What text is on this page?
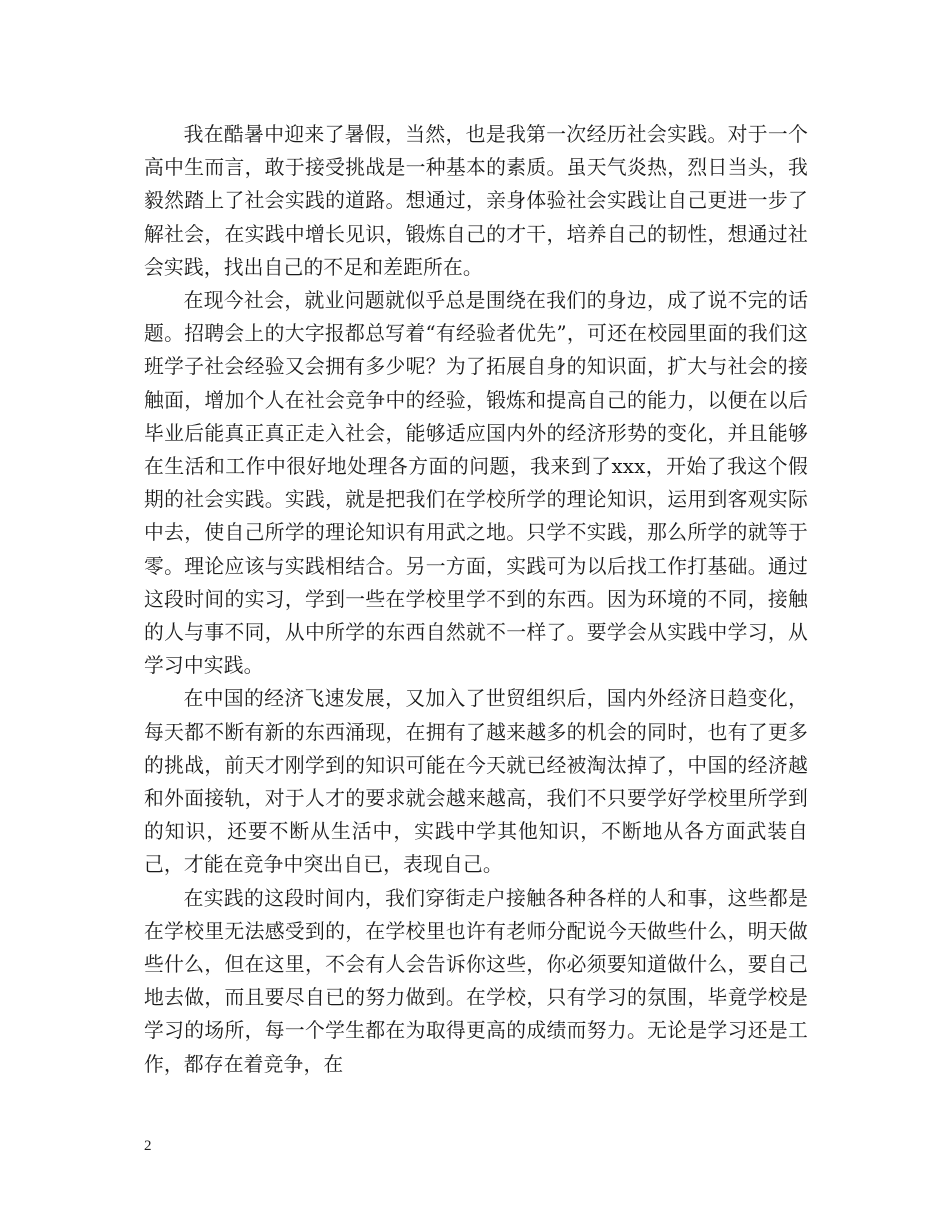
我在酷暑中迎来了暑假，当然，也是我第一次经历社会实践。对于一个高中生而言，敢于接受挑战是一种基本的素质。虽天气炎热，烈日当头，我毅然踏上了社会实践的道路。想通过，亲身体验社会实践让自己更进一步了解社会，在实践中增长见识，锻炼自己的才干，培养自己的韧性，想通过社会实践，找出自己的不足和差距所在。

在现今社会，就业问题就似乎总是围绕在我们的身边，成了说不完的话题。招聘会上的大字报都总写着“有经验者优先”，可还在校园里面的我们这班学子社会经验又会拥有多少呢？为了拓展自身的知识面，扩大与社会的接触面，增加个人在社会竞争中的经验，锻炼和提高自己的能力，以便在以后毕业后能真正真正走入社会，能够适应国内外的经济形势的变化，并且能够在生活和工作中很好地处理各方面的问题，我来到了xxx，开始了我这个假期的社会实践。实践，就是把我们在学校所学的理论知识，运用到客观实际中去，使自己所学的理论知识有用武之地。只学不实践，那么所学的就等于零。理论应该与实践相结合。另一方面，实践可为以后找工作打基础。通过这段时间的实习，学到一些在学校里学不到的东西。因为环境的不同，接触的人与事不同，从中所学的东西自然就不一样了。要学会从实践中学习，从学习中实践。

在中国的经济飞速发展，又加入了世贸组织后，国内外经济日趋变化，每天都不断有新的东西涌现，在拥有了越来越多的机会的同时，也有了更多的挑战，前天才刚学到的知识可能在今天就已经被淘汰掉了，中国的经济越和外面接轨，对于人才的要求就会越来越高，我们不只要学好学校里所学到的知识，还要不断从生活中，实践中学其他知识，不断地从各方面武装自己，才能在竞争中突出自已，表现自己。

在实践的这段时间内，我们穿街走户接触各种各样的人和事，这些都是在学校里无法感受到的，在学校里也许有老师分配说今天做些什么，明天做些什么，但在这里，不会有人会告诉你这些，你必须要知道做什么，要自己地去做，而且要尽自已的努力做到。在学校，只有学习的氛围，毕竟学校是学习的场所，每一个学生都在为取得更高的成绩而努力。无论是学习还是工作，都存在着竞争，在

2
